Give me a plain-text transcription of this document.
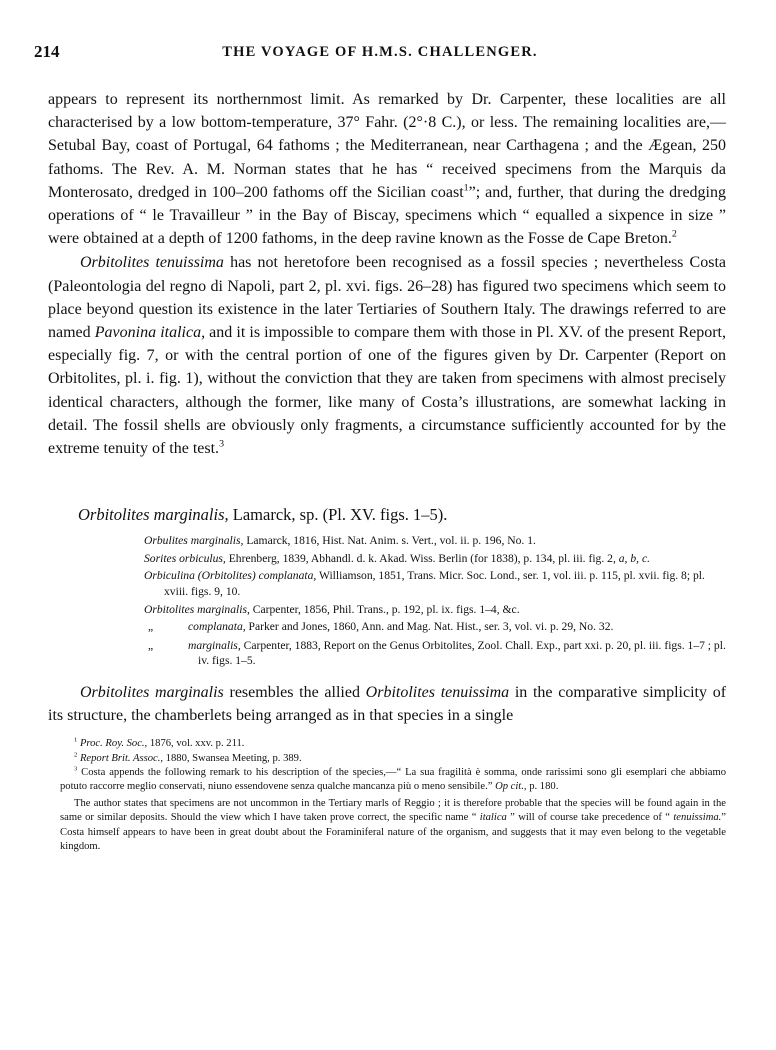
214	THE VOYAGE OF H.M.S. CHALLENGER.

appears to represent its northernmost limit. As remarked by Dr. Carpenter, these localities are all characterised by a low bottom-temperature, 37° Fahr. (2°·8 C.), or less. The remaining localities are,—Setubal Bay, coast of Portugal, 64 fathoms ; the Mediterranean, near Carthagena ; and the Ægean, 250 fathoms. The Rev. A. M. Norman states that he has “ received specimens from the Marquis da Monterosato, dredged in 100–200 fathoms off the Sicilian coast$^1$”; and, further, that during the dredging operations of “ le Travailleur ” in the Bay of Biscay, specimens which “ equalled a sixpence in size ” were obtained at a depth of 1200 fathoms, in the deep ravine known as the Fosse de Cape Breton.$^2$

Orbitolites tenuissima has not heretofore been recognised as a fossil species ; nevertheless Costa (Paleontologia del regno di Napoli, part 2, pl. xvi. figs. 26–28) has figured two specimens which seem to place beyond question its existence in the later Tertiaries of Southern Italy. The drawings referred to are named Pavonina italica, and it is impossible to compare them with those in Pl. XV. of the present Report, especially fig. 7, or with the central portion of one of the figures given by Dr. Carpenter (Report on Orbitolites, pl. i. fig. 1), without the conviction that they are taken from specimens with almost precisely identical characters, although the former, like many of Costa’s illustrations, are somewhat lacking in detail. The fossil shells are obviously only fragments, a circumstance sufficiently accounted for by the extreme tenuity of the test.$^3$

Orbitolites marginalis, Lamarck, sp. (Pl. XV. figs. 1–5).
Orbulites marginalis, Lamarck, 1816, Hist. Nat. Anim. s. Vert., vol. ii. p. 196, No. 1.
Sorites orbiculus, Ehrenberg, 1839, Abhandl. d. k. Akad. Wiss. Berlin (for 1838), p. 134, pl. iii. fig. 2, a, b, c.
Orbiculina (Orbitolites) complanata, Williamson, 1851, Trans. Micr. Soc. Lond., ser. 1, vol. iii. p. 115, pl. xvii. fig. 8; pl. xviii. figs. 9, 10.
Orbitolites marginalis, Carpenter, 1856, Phil. Trans., p. 192, pl. ix. figs. 1–4, &c.
„	complanata, Parker and Jones, 1860, Ann. and Mag. Nat. Hist., ser. 3, vol. vi. p. 29, No. 32.
„	marginalis, Carpenter, 1883, Report on the Genus Orbitolites, Zool. Chall. Exp., part xxi. p. 20, pl. iii. figs. 1–7 ; pl. iv. figs. 1–5.

Orbitolites marginalis resembles the allied Orbitolites tenuissima in the comparative simplicity of its structure, the chamberlets being arranged as in that species in a single

$^1$ Proc. Roy. Soc., 1876, vol. xxv. p. 211.

$^2$ Report Brit. Assoc., 1880, Swansea Meeting, p. 389.

$^3$ Costa appends the following remark to his description of the species,—“ La sua fragilità è somma, onde rarissimi sono gli esemplari che abbiamo potuto raccorre meglio conservati, niuno essendovene senza qualche mancanza più o meno sensibile.” Op cit., p. 180.

The author states that specimens are not uncommon in the Tertiary marls of Reggio ; it is therefore probable that the species will be found again in the same or similar deposits. Should the view which I have taken prove correct, the specific name “ italica ” will of course take precedence of “ tenuissima.” Costa himself appears to have been in great doubt about the Foraminiferal nature of the organism, and suggests that it may even belong to the vegetable kingdom.
